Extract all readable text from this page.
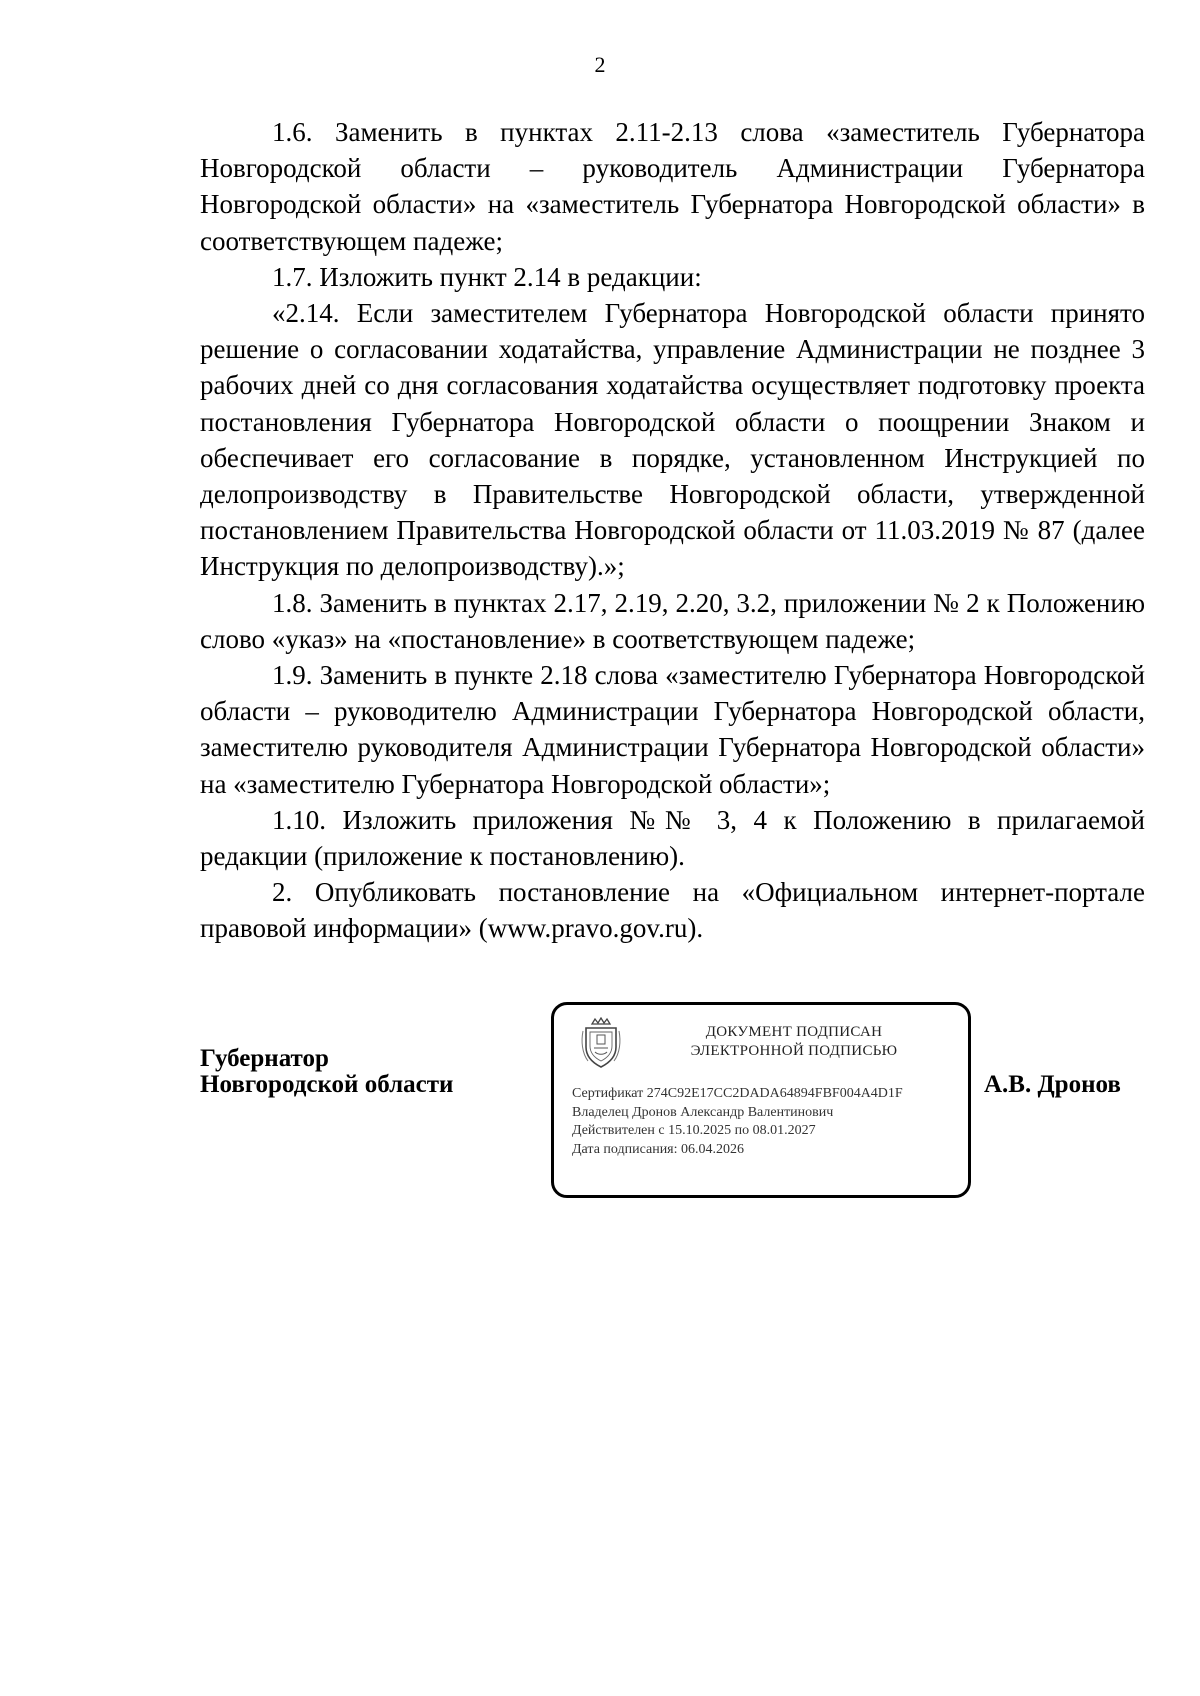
2

1.6. Заменить в пунктах 2.11-2.13 слова «заместитель Губернатора Новгородской области – руководитель Администрации Губернатора Новгородской области» на «заместитель Губернатора Новгородской области» в соответствующем падеже;

1.7. Изложить пункт 2.14 в редакции:

«2.14. Если заместителем Губернатора Новгородской области принято решение о согласовании ходатайства, управление Администрации не позднее 3 рабочих дней со дня согласования ходатайства осуществляет подготовку проекта постановления Губернатора Новгородской области о поощрении Знаком и обеспечивает его согласование в порядке, установленном Инструкцией по делопроизводству в Правительстве Новгородской области, утвержденной постановлением Правительства Новгородской области от 11.03.2019 № 87 (далее Инструкция по делопроизводству).»;

1.8. Заменить в пунктах 2.17, 2.19, 2.20, 3.2, приложении № 2 к Положению слово «указ» на «постановление» в соответствующем падеже;

1.9. Заменить в пункте 2.18 слова «заместителю Губернатора Новгородской области – руководителю Администрации Губернатора Новгородской области, заместителю руководителя Администрации Губернатора Новгородской области» на «заместителю Губернатора Новгородской области»;

1.10. Изложить приложения №№ 3, 4 к Положению в прилагаемой редакции (приложение к постановлению).

2. Опубликовать постановление на «Официальном интернет-портале правовой информации» (www.pravo.gov.ru).

Губернатор
Новгородской области
ДОКУМЕНТ ПОДПИСАН
ЭЛЕКТРОННОЙ ПОДПИСЬЮ
Сертификат 274C92E17CC2DADA64894FBF004A4D1F
Владелец Дронов Александр Валентинович
Действителен с 15.10.2025 по 08.01.2027
Дата подписания: 06.04.2026
А.В. Дронов
